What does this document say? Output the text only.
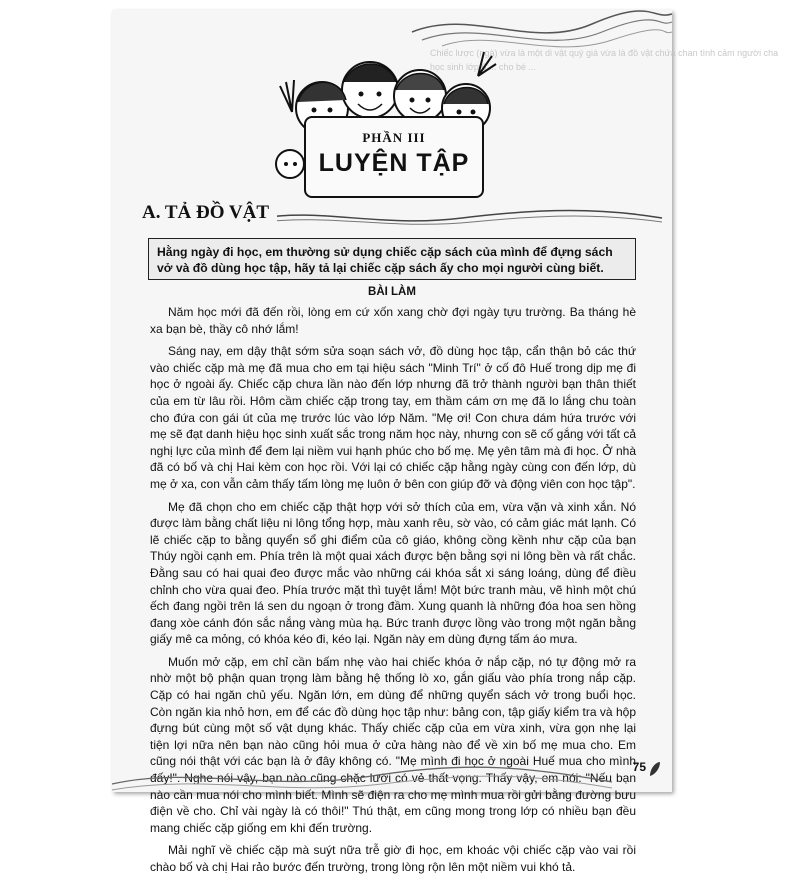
Chiếc lược (ngà) vừa là một di vật quý giá vừa là đồ vật chứa chan tình cảm người cha
học sinh lớp 6 ... cho bé ...
PHẦN III
LUYỆN TẬP
A. TẢ ĐỒ VẬT
Hằng ngày đi học, em thường sử dụng chiếc cặp sách của mình để đựng sách vở và đồ dùng học tập, hãy tả lại chiếc cặp sách ấy cho mọi người cùng biết.
BÀI LÀM

Năm học mới đã đến rồi, lòng em cứ xốn xang chờ đợi ngày tựu trường. Ba tháng hè xa bạn bè, thầy cô nhớ lắm!

Sáng nay, em dậy thật sớm sửa soạn sách vở, đồ dùng học tập, cẩn thận bỏ các thứ vào chiếc cặp mà mẹ đã mua cho em tại hiệu sách "Minh Trí" ở cố đô Huế trong dịp mẹ đi học ở ngoài ấy. Chiếc cặp chưa lần nào đến lớp nhưng đã trở thành người bạn thân thiết của em từ lâu rồi. Hôm cầm chiếc cặp trong tay, em thầm cám ơn mẹ đã lo lắng chu toàn cho đứa con gái út của mẹ trước lúc vào lớp Năm. "Mẹ ơi! Con chưa dám hứa trước với mẹ sẽ đạt danh hiệu học sinh xuất sắc trong năm học này, nhưng con sẽ cố gắng với tất cả nghị lực của mình để đem lại niềm vui hạnh phúc cho bố mẹ. Mẹ yên tâm mà đi học. Ở nhà đã có bố và chị Hai kèm con học rồi. Với lại có chiếc cặp hằng ngày cùng con đến lớp, dù mẹ ở xa, con vẫn cảm thấy tấm lòng mẹ luôn ở bên con giúp đỡ và động viên con học tập".

Mẹ đã chọn cho em chiếc cặp thật hợp với sở thích của em, vừa vặn và xinh xắn. Nó được làm bằng chất liệu ni lông tổng hợp, màu xanh rêu, sờ vào, có cảm giác mát lạnh. Có lẽ chiếc cặp to bằng quyển sổ ghi điểm của cô giáo, không cồng kềnh như cặp của bạn Thúy ngồi cạnh em. Phía trên là một quai xách được bện bằng sợi ni lông bền và rất chắc. Đằng sau có hai quai đeo được mắc vào những cái khóa sắt xi sáng loáng, dùng để điều chỉnh cho vừa quai đeo. Phía trước mặt thì tuyệt lắm! Một bức tranh màu, vẽ hình một chú ếch đang ngồi trên lá sen du ngoạn ở trong đầm. Xung quanh là những đóa hoa sen hồng đang xòe cánh đón sắc nắng vàng mùa hạ. Bức tranh được lồng vào trong một ngăn bằng giấy mê ca mỏng, có khóa kéo đi, kéo lại. Ngăn này em dùng đựng tấm áo mưa.

Muốn mở cặp, em chỉ cần bấm nhẹ vào hai chiếc khóa ở nắp cặp, nó tự động mở ra nhờ một bộ phận quan trọng làm bằng hệ thống lò xo, gắn giấu vào phía trong nắp cặp. Cặp có hai ngăn chủ yếu. Ngăn lớn, em dùng để những quyển sách vở trong buổi học. Còn ngăn kia nhỏ hơn, em để các đồ dùng học tập như: bảng con, tập giấy kiểm tra và hộp đựng bút cùng một số vật dụng khác. Thấy chiếc cặp của em vừa xinh, vừa gọn nhẹ lại tiện lợi nữa nên bạn nào cũng hỏi mua ở cửa hàng nào để về xin bố mẹ mua cho. Em cũng nói thật với các bạn là ở đây không có. "Mẹ mình đi học ở ngoài Huế mua cho mình đấy!". Nghe nói vậy, bạn nào cũng chặc lưỡi có vẻ thất vọng. Thấy vậy, em nói: "Nếu bạn nào cần mua nói cho mình biết. Mình sẽ điện ra cho mẹ mình mua rồi gửi bằng đường bưu điện về cho. Chỉ vài ngày là có thôi!" Thú thật, em cũng mong trong lớp có nhiều bạn đều mang chiếc cặp giống em khi đến trường.

Mải nghĩ về chiếc cặp mà suýt nữa trễ giờ đi học, em khoác vội chiếc cặp vào vai rồi chào bố và chị Hai rảo bước đến trường, trong lòng rộn lên một niềm vui khó tả.

75
